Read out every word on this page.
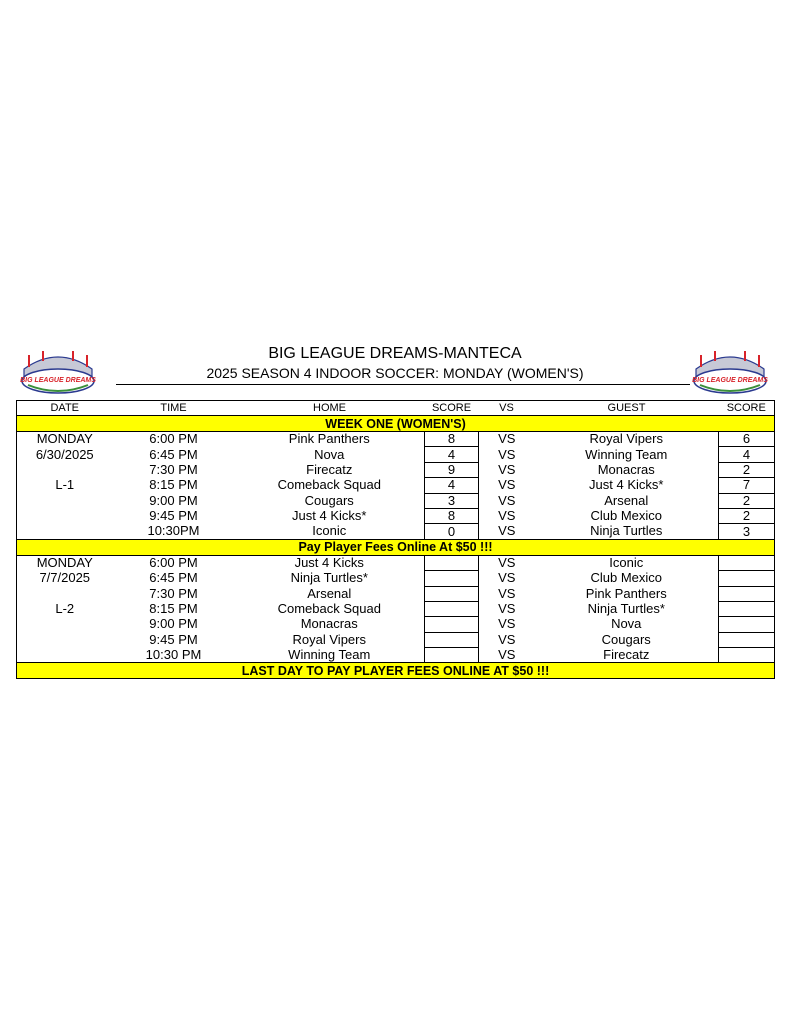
BIG LEAGUE DREAMS
BIG LEAGUE DREAMS-MANTECA
2025 SEASON 4 INDOOR SOCCER: MONDAY (WOMEN'S)	BIG LEAGUE DREAMS
DATE	TIME	HOME	SCORE	VS	GUEST	SCORE
WEEK ONE (WOMEN'S)						
MONDAY	6:00 PM	Pink Panthers	8	VS	Royal Vipers	6
6/30/2025	6:45 PM	Nova	4	VS	Winning Team	4
	7:30 PM	Firecatz	9	VS	Monacras	2
L-1	8:15 PM	Comeback Squad	4	VS	Just 4 Kicks*	7
	9:00 PM	Cougars	3	VS	Arsenal	2
	9:45 PM	Just 4 Kicks*	8	VS	Club Mexico	2
	10:30PM	Iconic	0	VS	Ninja Turtles	3
Pay Player Fees Online At $50 !!!						
MONDAY	6:00 PM	Just 4 Kicks		VS	Iconic	
7/7/2025	6:45 PM	Ninja Turtles*		VS	Club Mexico	
	7:30 PM	Arsenal		VS	Pink Panthers	
L-2	8:15 PM	Comeback Squad		VS	Ninja Turtles*	
	9:00 PM	Monacras		VS	Nova	
	9:45 PM	Royal Vipers		VS	Cougars	
	10:30 PM	Winning Team		VS	Firecatz	
LAST DAY TO PAY PLAYER FEES ONLINE AT $50 !!!						
